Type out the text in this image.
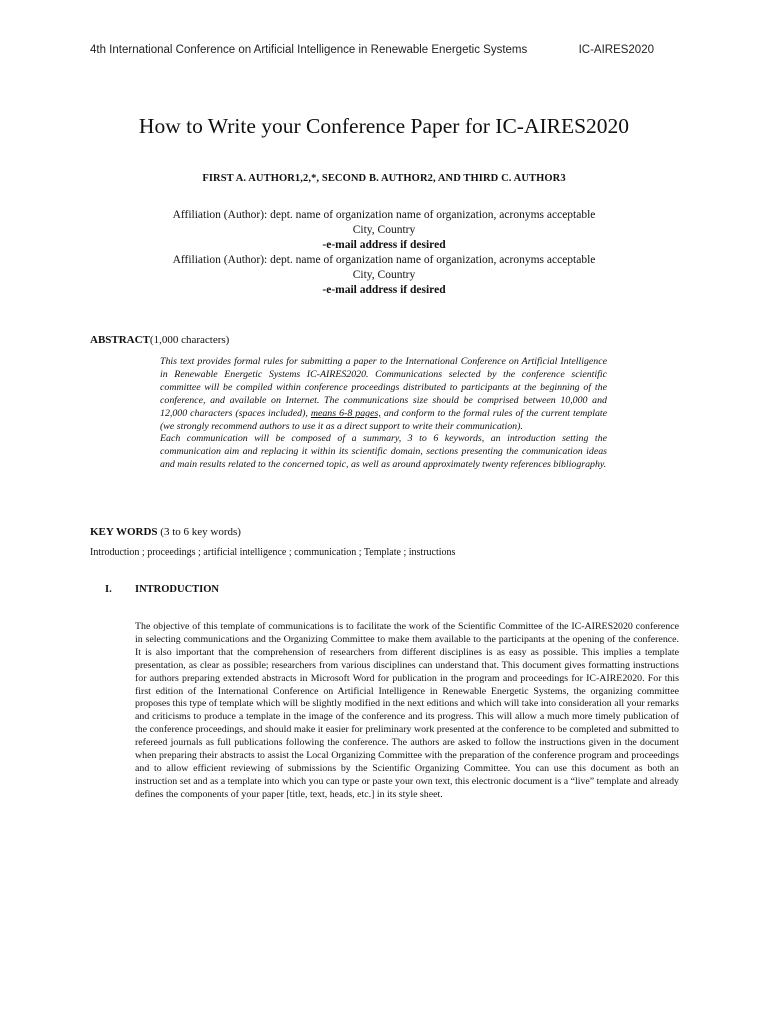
4th International Conference on Artificial Intelligence in Renewable Energetic Systems	IC-AIRES2020
How to Write your Conference Paper for IC-AIRES2020
FIRST A. AUTHOR1,2,*, SECOND B. AUTHOR2, AND THIRD C. AUTHOR3
Affiliation (Author): dept. name of organization name of organization, acronyms acceptable
City, Country
-e-mail address if desired
Affiliation (Author): dept. name of organization name of organization, acronyms acceptable
City, Country
-e-mail address if desired
ABSTRACT(1,000 characters)

This text provides formal rules for submitting a paper to the International Conference on Artificial Intelligence in Renewable Energetic Systems IC-AIRES2020. Communications selected by the conference scientific committee will be compiled within conference proceedings distributed to participants at the beginning of the conference, and available on Internet. The communications size should be comprised between 10,000 and 12,000 characters (spaces included), means 6-8 pages, and conform to the formal rules of the current template (we strongly recommend authors to use it as a direct support to write their communication).

Each communication will be composed of a summary, 3 to 6 keywords, an introduction setting the communication aim and replacing it within its scientific domain, sections presenting the communication ideas and main results related to the concerned topic, as well as around approximately twenty references bibliography.

KEY WORDS (3 to 6 key words)
Introduction ; proceedings ; artificial intelligence ; communication ; Template ; instructions
I. INTRODUCTION

The objective of this template of communications is to facilitate the work of the Scientific Committee of the IC-AIRES2020 conference in selecting communications and the Organizing Committee to make them available to the participants at the opening of the conference. It is also important that the comprehension of researchers from different disciplines is as easy as possible. This implies a template presentation, as clear as possible; researchers from various disciplines can understand that. This document gives formatting instructions for authors preparing extended abstracts in Microsoft Word for publication in the program and proceedings for IC-AIRE2020. For this first edition of the International Conference on Artificial Intelligence in Renewable Energetic Systems, the organizing committee proposes this type of template which will be slightly modified in the next editions and which will take into consideration all your remarks and criticisms to produce a template in the image of the conference and its progress. This will allow a much more timely publication of the conference proceedings, and should make it easier for preliminary work presented at the conference to be completed and submitted to refereed journals as full publications following the conference. The authors are asked to follow the instructions given in the document when preparing their abstracts to assist the Local Organizing Committee with the preparation of the conference program and proceedings and to allow efficient reviewing of submissions by the Scientific Organizing Committee. You can use this document as both an instruction set and as a template into which you can type or paste your own text, this electronic document is a “live” template and already defines the components of your paper [title, text, heads, etc.] in its style sheet.
